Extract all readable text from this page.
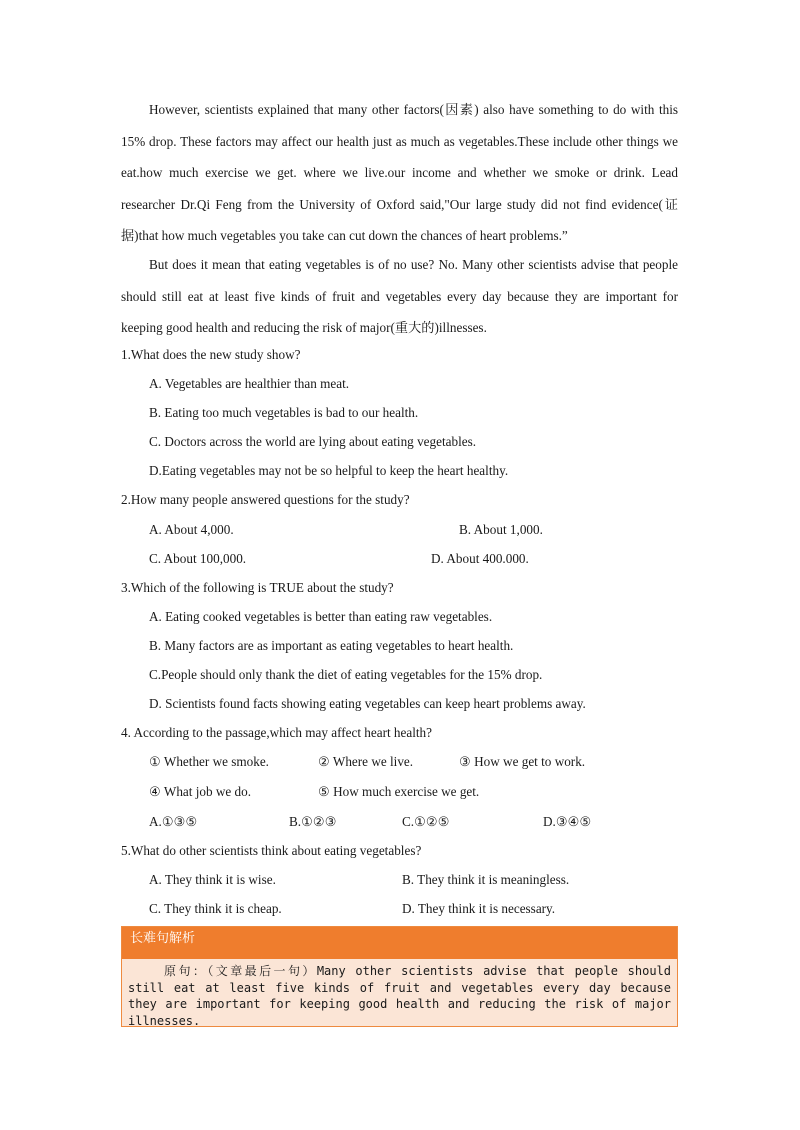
However, scientists explained that many other factors(因素) also have something to do with this 15% drop. These factors may affect our health just as much as vegetables.These include other things we eat.how much exercise we get. where we live.our income and whether we smoke or drink. Lead researcher Dr.Qi Feng from the University of Oxford said,"Our large study did not find evidence(证据)that how much vegetables you take can cut down the chances of heart problems.”

But does it mean that eating vegetables is of no use? No. Many other scientists advise that people should still eat at least five kinds of fruit and vegetables every day because they are important for keeping good health and reducing the risk of major(重大的)illnesses.

1.What does the new study show?
A. Vegetables are healthier than meat.
B. Eating too much vegetables is bad to our health.
C. Doctors across the world are lying about eating vegetables.
D.Eating vegetables may not be so helpful to keep the heart healthy.
2.How many people answered questions for the study?
A. About 4,000.	B. About 1,000.
C. About 100,000.	D. About 400.000.
3.Which of the following is TRUE about the study?
A. Eating cooked vegetables is better than eating raw vegetables.
B. Many factors are as important as eating vegetables to heart health.
C.People should only thank the diet of eating vegetables for the 15% drop.
D. Scientists found facts showing eating vegetables can keep heart problems away.
4. According to the passage,which may affect heart health?
① Whether we smoke.	② Where we live.	③ How we get to work.
④ What job we do.	⑤ How much exercise we get.
A.①③⑤	B.①②③	C.①②⑤	D.③④⑤
5.What do other scientists think about eating vegetables?
A. They think it is wise.	B. They think it is meaningless.
C. They think it is cheap.	D. They think it is necessary.
长难句解析
原句：（文章最后一句）Many other scientists advise that people should still eat at least five kinds of fruit and vegetables every day because they are important for keeping good health and reducing the risk of major illnesses.
